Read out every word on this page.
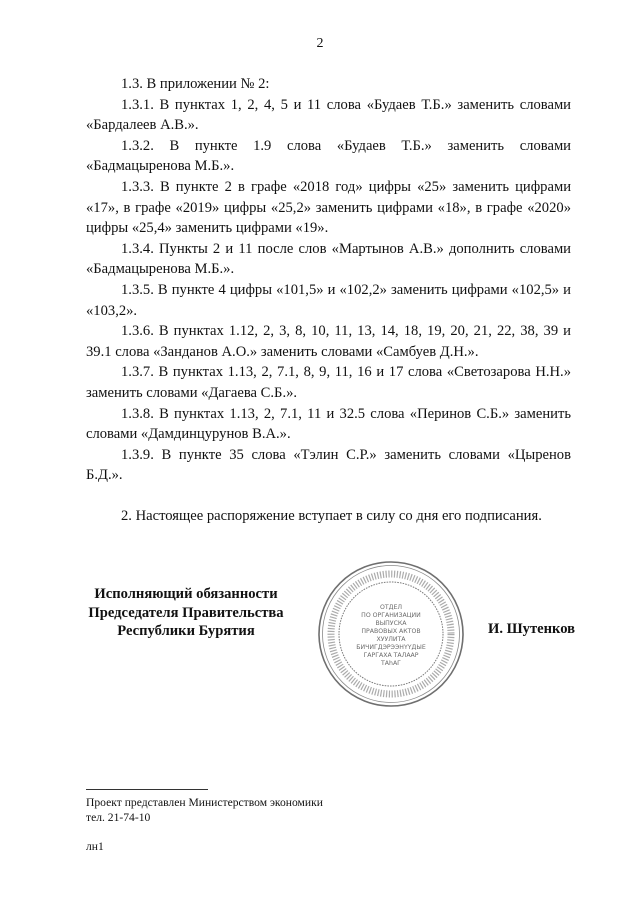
2

1.3. В приложении № 2:

1.3.1. В пунктах 1, 2, 4, 5 и 11 слова «Будаев Т.Б.» заменить словами «Бардалеев А.В.».

1.3.2. В пункте 1.9 слова «Будаев Т.Б.» заменить словами «Бадмацыренова М.Б.».

1.3.3. В пункте 2 в графе «2018 год» цифры «25» заменить цифрами «17», в графе «2019» цифры «25,2» заменить цифрами «18», в графе «2020» цифры «25,4» заменить цифрами «19».

1.3.4. Пункты 2 и 11 после слов «Мартынов А.В.» дополнить словами «Бадмацыренова М.Б.».

1.3.5. В пункте 4 цифры «101,5» и «102,2» заменить цифрами «102,5» и «103,2».

1.3.6. В пунктах 1.12, 2, 3, 8, 10, 11, 13, 14, 18, 19, 20, 21, 22, 38, 39 и 39.1 слова «Занданов А.О.» заменить словами «Самбуев Д.Н.».

1.3.7. В пунктах 1.13, 2, 7.1, 8, 9, 11, 16 и 17 слова «Светозарова Н.Н.» заменить словами «Дагаева С.Б.».

1.3.8. В пунктах 1.13, 2, 7.1, 11 и 32.5 слова «Перинов С.Б.» заменить словами «Дамдинцурунов В.А.».

1.3.9. В пункте 35 слова «Тэлин С.Р.» заменить словами «Цыренов Б.Д.».

2. Настоящее распоряжение вступает в силу со дня его подписания.

Исполняющий обязанности
Председателя Правительства
Республики Бурятия
ОТДЕЛ
ПО ОРГАНИЗАЦИИ
ВЫПУСКА
ПРАВОВЫХ АКТОВ
ХУУЛИТА
БИЧИГДЭРЭЭНҮҮДЫЕ
ГАРГАХА ТАЛААР
ТАһАГ
И. Шутенков
Проект представлен Министерством экономики
тел. 21-74-10
лн1
